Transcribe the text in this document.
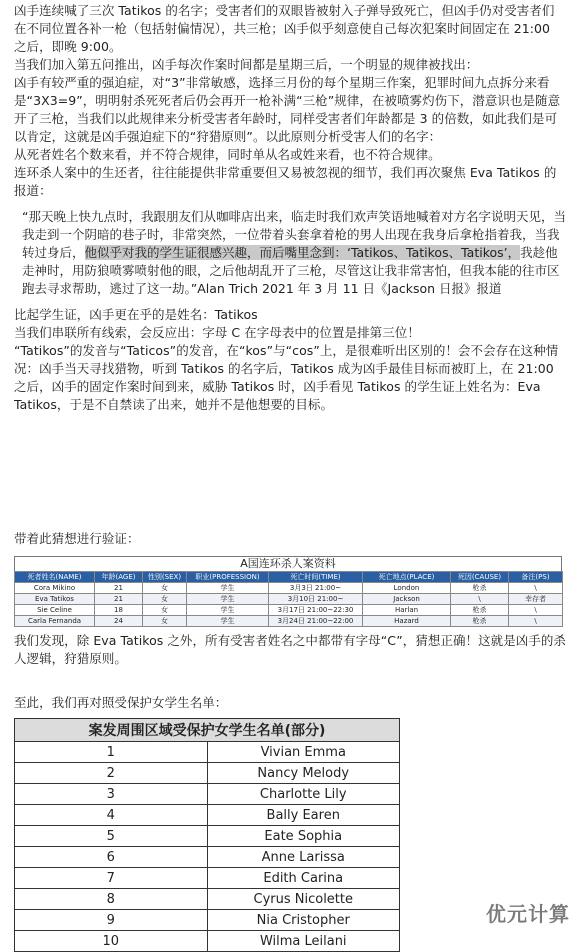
凶手连续喊了三次 Tatikos 的名字；受害者们的双眼皆被射入子弹导致死亡，但凶手仍对受害者们在不同位置各补一枪（包括射偏情况），共三枪；凶手似乎刻意使自己每次犯案时间固定在 21:00 之后，即晚 9:00。

当我们加入第五问推出，凶手每次作案时间都是星期三后，一个明显的规律被找出：

凶手有较严重的强迫症，对“3”非常敏感，选择三月份的每个星期三作案，犯罪时间九点拆分来看是“3X3=9”，明明射杀死死者后仍会再开一枪补满“三枪”规律，在被喷雾灼伤下，潜意识也是随意开了三枪，当我们以此规律来分析受害者年龄时，同样受害者们年龄都是 3 的倍数，如此我们是可以肯定，这就是凶手强迫症下的“狩猎原则”。以此原则分析受害人们的名字：

从死者姓名个数来看，并不符合规律，同时单从名或姓来看，也不符合规律。

连环杀人案中的生还者，往往能提供非常重要但又易被忽视的细节，我们再次聚焦 Eva Tatikos 的报道：

“那天晚上快九点时，我跟朋友们从咖啡店出来，临走时我们欢声笑语地喊着对方名字说明天见，当我走到一个阴暗的巷子时，非常突然，一位带着头套拿着枪的男人出现在我身后拿枪指着我，当我转过身后，他似乎对我的学生证很感兴趣，而后嘴里念到：‘Tatikos、Tatikos、Tatikos’，我趁他走神时，用防狼喷雾喷射他的眼，之后他胡乱开了三枪，尽管这让我非常害怕，但我本能的往市区跑去寻求帮助，逃过了这一劫。”Alan Trich 2021 年 3 月 11 日《Jackson 日报》报道

比起学生证，凶手更在乎的是姓名：Tatikos

当我们串联所有线索，会反应出：字母 C 在字母表中的位置是排第三位！

“Tatikos”的发音与“Taticos”的发音，在“kos”与“cos”上，是很难听出区别的！会不会存在这种情况：凶手当天寻找猎物，听到 Tatikos 的名字后，Tatikos 成为凶手最佳目标而被盯上，在 21:00 之后，凶手的固定作案时间到来，威胁 Tatikos 时，凶手看见 Tatikos 的学生证上姓名为：Eva Tatikos，于是不自禁读了出来，她并不是他想要的目标。

带着此猜想进行验证：

A国连环杀人案资料
死者姓名(NAME)	年龄(AGE)	性别(SEX)	职业(PROFESSION)	死亡时间(TIME)	死亡地点(PLACE)	死因(CAUSE)	备注(PS)
Cora Mikino	21	女	学生	3月3日 21:00~	London	枪杀	\
Eva Tatikos	21	女	学生	3月10日 21:00~	Jackson	\	幸存者
Sie Celine	18	女	学生	3月17日 21:00~22:30	Harlan	枪杀	\
Carla Fernanda	24	女	学生	3月24日 21:00~22:00	Hazard	枪杀	\

我们发现，除 Eva Tatikos 之外，所有受害者姓名之中都带有字母“C”，猜想正确！这就是凶手的杀人逻辑，狩猎原则。

至此，我们再对照受保护女学生名单：

案发周围区域受保护女学生名单(部分)	
1	Vivian Emma
2	Nancy Melody
3	Charlotte Lily
4	Bally Earen
5	Eate Sophia
6	Anne Larissa
7	Edith Carina
8	Cyrus Nicolette
9	Nia Cristopher
10	Wilma Leilani
优元计算
